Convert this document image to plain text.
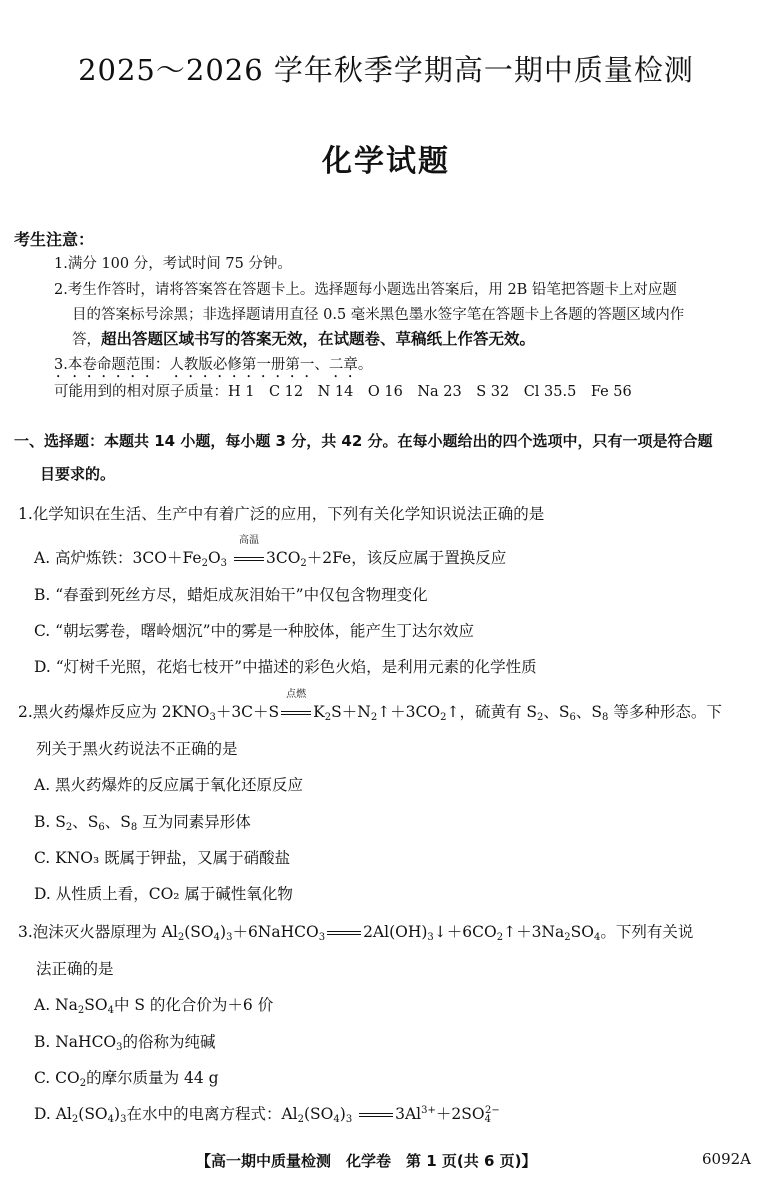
2025～2026 学年秋季学期高一期中质量检测
化学试题
考生注意：
1.满分 100 分，考试时间 75 分钟。
2.考生作答时，请将答案答在答题卡上。选择题每小题选出答案后，用 2B 铅笔把答题卡上对应题
目的答案标号涂黑；非选择题请用直径 0.5 毫米黑色墨水签字笔在答题卡上各题的答题区域内作
答，超出答题区域书写的答案无效，在试题卷、草稿纸上作答无效。
3.本卷命题范围：人教版必修第一册第一、二章。
可能用到的相对原子质量：H 1　C 12　N 14　O 16　Na 23　S 32　Cl 35.5　Fe 56
一、选择题：本题共 14 小题，每小题 3 分，共 42 分。在每小题给出的四个选项中，只有一项是符合题
目要求的。
1.化学知识在生活、生产中有着广泛的应用，下列有关化学知识说法正确的是
A. 高炉炼铁：$3CO+Fe_2O_3$
高温
$3CO_2+2Fe$，该反应属于置换反应
B. “春蚕到死丝方尽，蜡炬成灰泪始干”中仅包含物理变化
C. “朝坛雾卷，曙岭烟沉”中的雾是一种胶体，能产生丁达尔效应
D. “灯树千光照，花焰七枝开”中描述的彩色火焰，是利用元素的化学性质
2.黑火药爆炸反应为 $2KNO_3+3C+S$
点燃
$K_2S+N_2↑+3CO_2↑$，硫黄有 $S_2$、$S_6$、$S_8$ 等多种形态。下
列关于黑火药说法不正确的是
A. 黑火药爆炸的反应属于氧化还原反应
B. $S_2$、$S_6$、$S_8$ 互为同素异形体
C. KNO₃ 既属于钾盐，又属于硝酸盐
D. 从性质上看，CO₂ 属于碱性氧化物
3.泡沫灭火器原理为 $Al_2(SO_4)_3+6NaHCO_3$ $2Al(OH)_3↓+6CO_2↑+3Na_2SO_4$。下列有关说
法正确的是
A. $Na_2SO_4$中 S 的化合价为＋6 价
B. NaHCO$_3$的俗称为纯碱
C. $CO_2$的摩尔质量为 44 g
D. $Al_2(SO_4)_3$在水中的电离方程式：$Al_2(SO_4)_3$	$3Al^{3+}+2SO_4^{2-}$
【高一期中质量检测　化学卷　第 1 页(共 6 页)】	6092A
